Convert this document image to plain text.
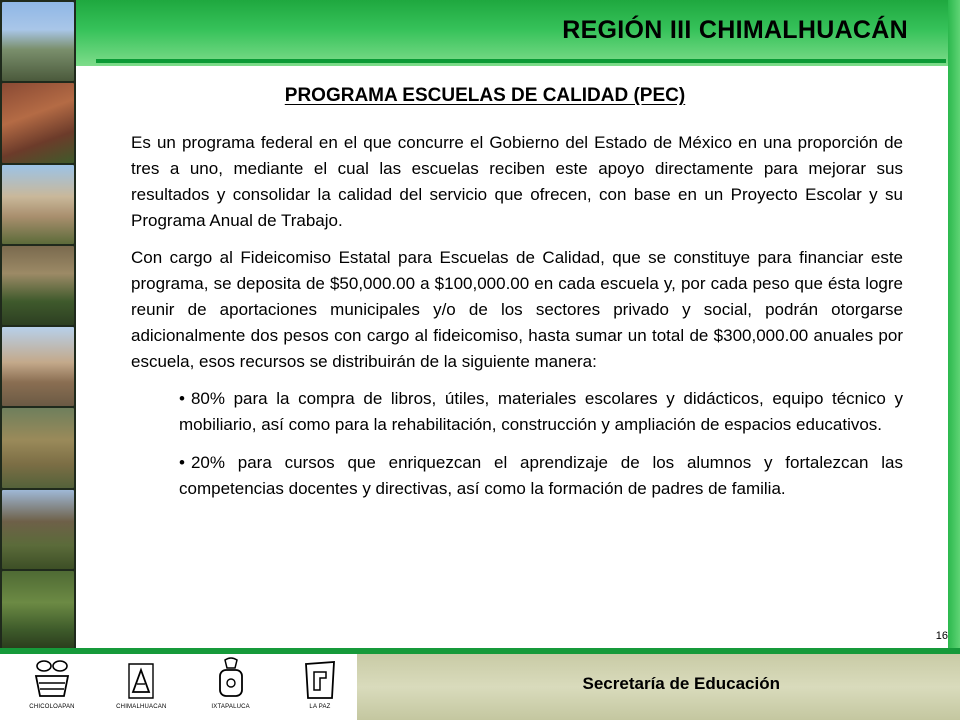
REGIÓN III CHIMALHUACÁN
PROGRAMA ESCUELAS DE CALIDAD (PEC)

Es un programa federal en el que concurre el Gobierno del Estado de México en una proporción de tres a uno, mediante el cual las escuelas reciben este apoyo directamente para mejorar sus resultados y consolidar la calidad del servicio que ofrecen, con base en un Proyecto Escolar y su Programa Anual de Trabajo.

Con cargo al Fideicomiso Estatal para Escuelas de Calidad, que se constituye para financiar este programa, se deposita de $50,000.00 a $100,000.00 en cada escuela y, por cada peso que ésta logre reunir de aportaciones municipales y/o de los sectores privado y social, podrán otorgarse adicionalmente dos pesos con cargo al fideicomiso, hasta sumar un total de $300,000.00 anuales por escuela, esos recursos se distribuirán de la siguiente manera:

• 80% para la compra de libros, útiles, materiales escolares y didácticos, equipo técnico y mobiliario, así como para la rehabilitación, construcción y ampliación de espacios educativos.

• 20% para cursos que enriquezcan el aprendizaje de los alumnos y fortalezcan las competencias docentes y directivas, así como la formación de padres de familia.

16
CHICOLOAPAN	CHIMALHUACAN	IXTAPALUCA	LA PAZ
Secretaría de Educación
